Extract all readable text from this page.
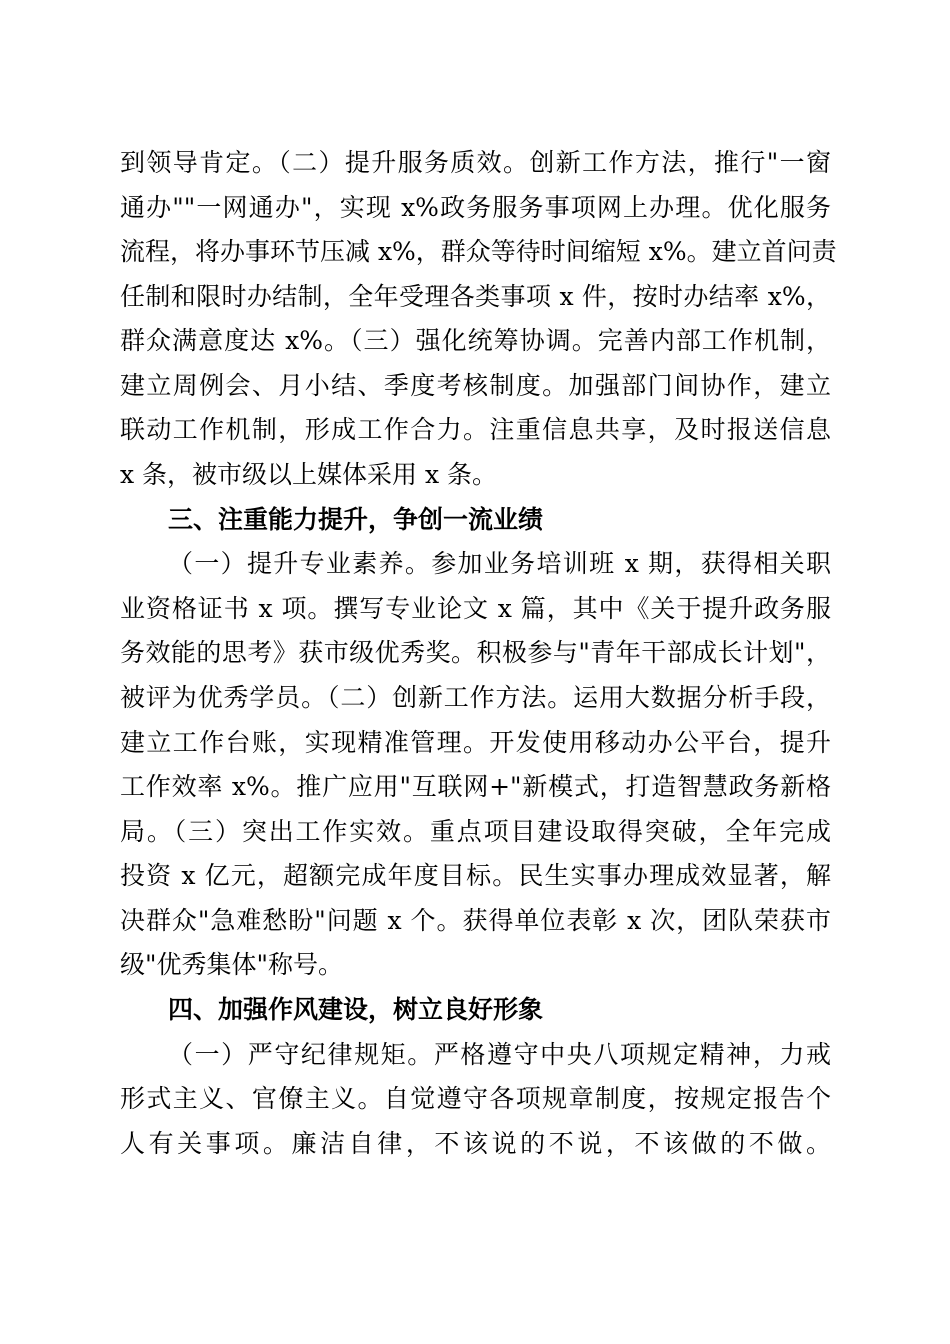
到领导肯定。（二）提升服务质效。创新工作方法，推行"一窗
通办""一网通办"，实现 x%政务服务事项网上办理。优化服务
流程，将办事环节压减 x%，群众等待时间缩短 x%。建立首问责
任制和限时办结制，全年受理各类事项 x 件，按时办结率 x%，
群众满意度达 x%。（三）强化统筹协调。完善内部工作机制，
建立周例会、月小结、季度考核制度。加强部门间协作，建立
联动工作机制，形成工作合力。注重信息共享，及时报送信息
x 条，被市级以上媒体采用 x 条。
三、注重能力提升，争创一流业绩
（一）提升专业素养。参加业务培训班 x 期，获得相关职
业资格证书 x 项。撰写专业论文 x 篇，其中《关于提升政务服
务效能的思考》获市级优秀奖。积极参与"青年干部成长计划"，
被评为优秀学员。（二）创新工作方法。运用大数据分析手段，
建立工作台账，实现精准管理。开发使用移动办公平台，提升
工作效率 x%。推广应用"互联网+"新模式，打造智慧政务新格
局。（三）突出工作实效。重点项目建设取得突破，全年完成
投资 x 亿元，超额完成年度目标。民生实事办理成效显著，解
决群众"急难愁盼"问题 x 个。获得单位表彰 x 次，团队荣获市
级"优秀集体"称号。
四、加强作风建设，树立良好形象
（一）严守纪律规矩。严格遵守中央八项规定精神，力戒
形式主义、官僚主义。自觉遵守各项规章制度，按规定报告个
人有关事项。廉洁自律，不该说的不说，不该做的不做。
